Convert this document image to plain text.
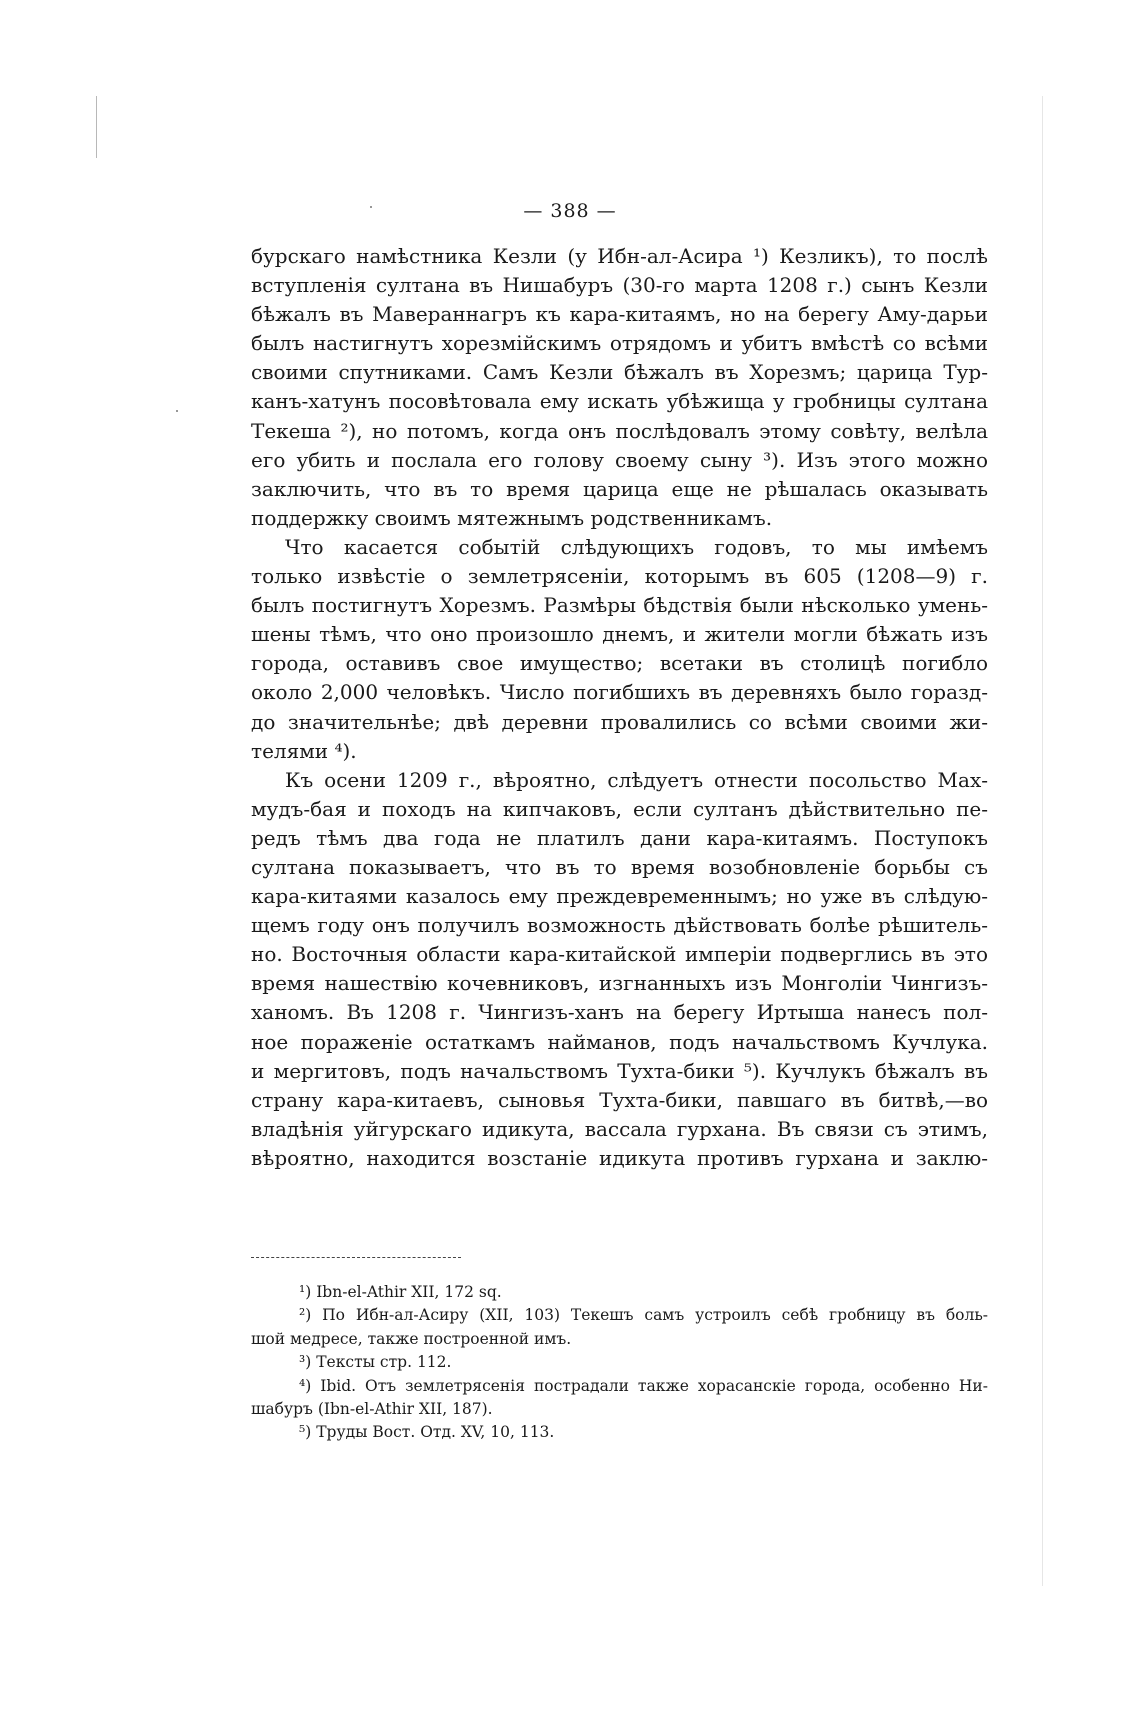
— 388 —
бурскаго намѣстника Кезли (у Ибн-ал-Асира ¹) Кезликъ), то послѣ
вступленія султана въ Нишабуръ (30-го марта 1208 г.) сынъ Кезли
бѣжалъ въ Мавераннагръ къ кара-китаямъ, но на берегу Аму-дарьи
былъ настигнутъ хорезмійскимъ отрядомъ и убитъ вмѣстѣ со всѣми
своими спутниками. Самъ Кезли бѣжалъ въ Хорезмъ; царица Тур-
канъ-хатунъ посовѣтовала ему искать убѣжища у гробницы султана
Текеша ²), но потомъ, когда онъ послѣдовалъ этому совѣту, велѣла
его убить и послала его голову своему сыну ³). Изъ этого можно
заключить, что въ то время царица еще не рѣшалась оказывать
поддержку своимъ мятежнымъ родственникамъ.
Что касается событій слѣдующихъ годовъ, то мы имѣемъ
только извѣстіе о землетрясеніи, которымъ въ 605 (1208—9) г.
былъ постигнутъ Хорезмъ. Размѣры бѣдствія были нѣсколько умень-
шены тѣмъ, что оно произошло днемъ, и жители могли бѣжать изъ
города, оставивъ свое имущество; всетаки въ столицѣ погибло
около 2,000 человѣкъ. Число погибшихъ въ деревняхъ было горазд-
до значительнѣе; двѣ деревни провалились со всѣми своими жи-
телями ⁴).
Къ осени 1209 г., вѣроятно, слѣдуетъ отнести посольство Мах-
мудъ-бая и походъ на кипчаковъ, если султанъ дѣйствительно пе-
редъ тѣмъ два года не платилъ дани кара-китаямъ. Поступокъ
султана показываетъ, что въ то время возобновленіе борьбы съ
кара-китаями казалось ему преждевременнымъ; но уже въ слѣдую-
щемъ году онъ получилъ возможность дѣйствовать болѣе рѣшитель-
но. Восточныя области кара-китайской имперіи подверглись въ это
время нашествію кочевниковъ, изгнанныхъ изъ Монголіи Чингизъ-
ханомъ. Въ 1208 г. Чингизъ-ханъ на берегу Иртыша нанесъ пол-
ное пораженіе остаткамъ найманов, подъ начальствомъ Кучлука.
и мергитовъ, подъ начальствомъ Тухта-бики ⁵). Кучлукъ бѣжалъ въ
страну кара-китаевъ, сыновья Тухта-бики, павшаго въ битвѣ,—во
владѣнія уйгурскаго идикута, вассала гурхана. Въ связи съ этимъ,
вѣроятно, находится возстаніе идикута противъ гурхана и заклю-
¹) Ibn-el-Athir XII, 172 sq.
²) По Ибн-ал-Асиру (XII, 103) Текешъ самъ устроилъ себѣ гробницу въ боль-
шой медресе, также построенной имъ.
³) Тексты стр. 112.
⁴) Ibid. Отъ землетрясенія пострадали также хорасанскіе города, особенно Ни-
шабуръ (Ibn-el-Athir XII, 187).
⁵) Труды Вост. Отд. XV, 10, 113.
